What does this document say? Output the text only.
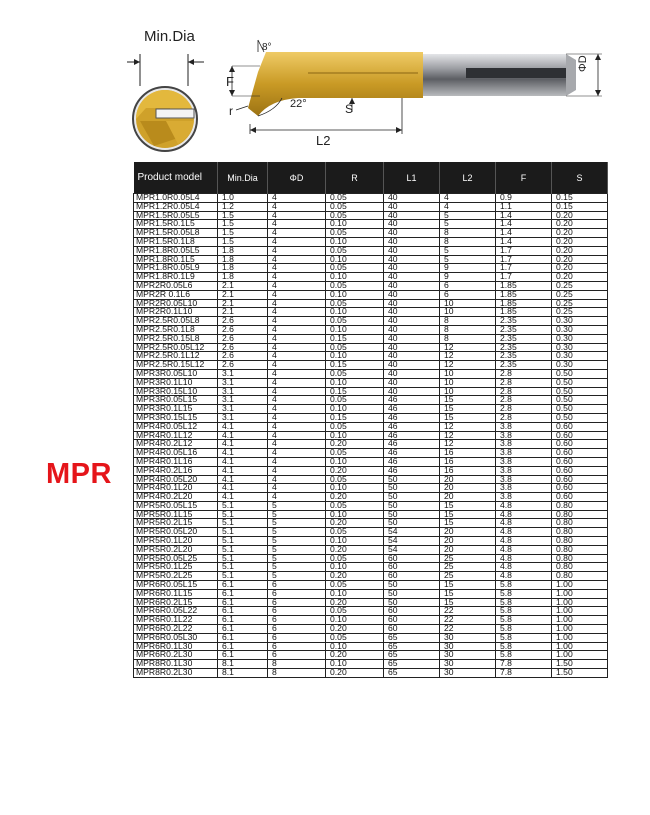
Min.Dia
8°
F
r	22°	S
L2
ΦD
MPR
Product model	Min.Dia	ΦD	R	L1	L2	F	S
MPR1.0R0.05L4	1.0	4	0.05	40	4	0.9	0.15
MPR1.2R0.05L4	1.2	4	0.05	40	4	1.1	0.15
MPR1.5R0.05L5	1.5	4	0.05	40	5	1.4	0.20
MPR1.5R0.1L5	1.5	4	0.10	40	5	1.4	0.20
MPR1.5R0.05L8	1.5	4	0.05	40	8	1.4	0.20
MPR1.5R0.1L8	1.5	4	0.10	40	8	1.4	0.20
MPR1.8R0.05L5	1.8	4	0.05	40	5	1.7	0.20
MPR1.8R0.1L5	1.8	4	0.10	40	5	1.7	0.20
MPR1.8R0.05L9	1.8	4	0.05	40	9	1.7	0.20
MPR1.8R0.1L9	1.8	4	0.10	40	9	1.7	0.20
MPR2R0.05L6	2.1	4	0.05	40	6	1.85	0.25
MPR2R 0.1L6	2.1	4	0.10	40	6	1.85	0.25
MPR2R0.05L10	2.1	4	0.05	40	10	1.85	0.25
MPR2R0.1L10	2.1	4	0.10	40	10	1.85	0.25
MPR2.5R0.05L8	2.6	4	0.05	40	8	2.35	0.30
MPR2.5R0.1L8	2.6	4	0.10	40	8	2.35	0.30
MPR2.5R0.15L8	2.6	4	0.15	40	8	2.35	0.30
MPR2.5R0.05L12	2.6	4	0.05	40	12	2.35	0.30
MPR2.5R0.1L12	2.6	4	0.10	40	12	2.35	0.30
MPR2.5R0.15L12	2.6	4	0.15	40	12	2.35	0.30
MPR3R0.05L10	3.1	4	0.05	40	10	2.8	0.50
MPR3R0.1L10	3.1	4	0.10	40	10	2.8	0.50
MPR3R0.15L10	3.1	4	0.15	40	10	2.8	0.50
MPR3R0.05L15	3.1	4	0.05	46	15	2.8	0.50
MPR3R0.1L15	3.1	4	0.10	46	15	2.8	0.50
MPR3R0.15L15	3.1	4	0.15	46	15	2.8	0.50
MPR4R0.05L12	4.1	4	0.05	46	12	3.8	0.60
MPR4R0.1L12	4.1	4	0.10	46	12	3.8	0.60
MPR4R0.2L12	4.1	4	0.20	46	12	3.8	0.60
MPR4R0.05L16	4.1	4	0.05	46	16	3.8	0.60
MPR4R0.1L16	4.1	4	0.10	46	16	3.8	0.60
MPR4R0.2L16	4.1	4	0.20	46	16	3.8	0.60
MPR4R0.05L20	4.1	4	0.05	50	20	3.8	0.60
MPR4R0.1L20	4.1	4	0.10	50	20	3.8	0.60
MPR4R0.2L20	4.1	4	0.20	50	20	3.8	0.60
MPR5R0.05L15	5.1	5	0.05	50	15	4.8	0.80
MPR5R0.1L15	5.1	5	0.10	50	15	4.8	0.80
MPR5R0.2L15	5.1	5	0.20	50	15	4.8	0.80
MPR5R0.05L20	5.1	5	0.05	54	20	4.8	0.80
MPR5R0.1L20	5.1	5	0.10	54	20	4.8	0.80
MPR5R0.2L20	5.1	5	0.20	54	20	4.8	0.80
MPR5R0.05L25	5.1	5	0.05	60	25	4.8	0.80
MPR5R0.1L25	5.1	5	0.10	60	25	4.8	0.80
MPR5R0.2L25	5.1	5	0.20	60	25	4.8	0.80
MPR6R0.05L15	6.1	6	0.05	50	15	5.8	1.00
MPR6R0.1L15	6.1	6	0.10	50	15	5.8	1.00
MPR6R0.2L15	6.1	6	0.20	50	15	5.8	1.00
MPR6R0.05L22	6.1	6	0.05	60	22	5.8	1.00
MPR6R0.1L22	6.1	6	0.10	60	22	5.8	1.00
MPR6R0.2L22	6.1	6	0.20	60	22	5.8	1.00
MPR6R0.05L30	6.1	6	0.05	65	30	5.8	1.00
MPR6R0.1L30	6.1	6	0.10	65	30	5.8	1.00
MPR6R0.2L30	6.1	6	0.20	65	30	5.8	1.00
MPR8R0.1L30	8.1	8	0.10	65	30	7.8	1.50
MPR8R0.2L30	8.1	8	0.20	65	30	7.8	1.50
